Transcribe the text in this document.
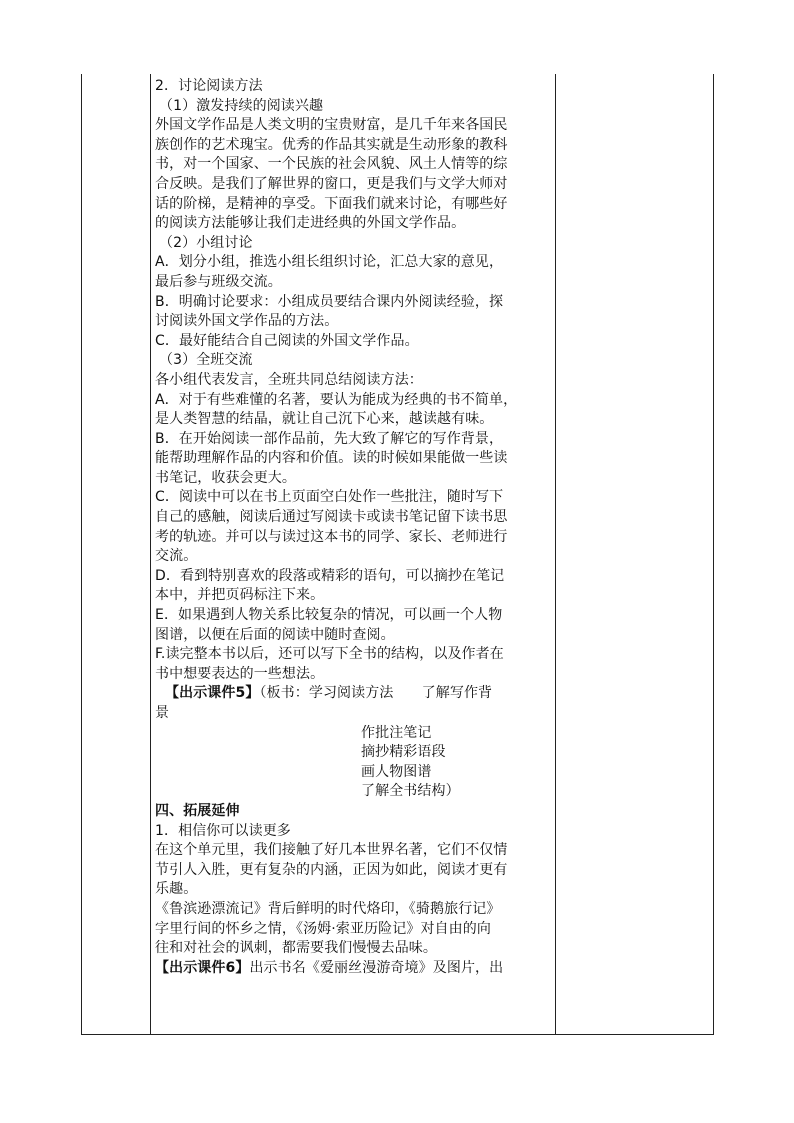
2．讨论阅读方法
（1）激发持续的阅读兴趣
外国文学作品是人类文明的宝贵财富，是几千年来各国民
族创作的艺术瑰宝。优秀的作品其实就是生动形象的教科
书，对一个国家、一个民族的社会风貌、风土人情等的综
合反映。是我们了解世界的窗口，更是我们与文学大师对
话的阶梯，是精神的享受。下面我们就来讨论，有哪些好
的阅读方法能够让我们走进经典的外国文学作品。
（2）小组讨论
A．划分小组，推选小组长组织讨论，汇总大家的意见，
最后参与班级交流。
B．明确讨论要求：小组成员要结合课内外阅读经验，探
讨阅读外国文学作品的方法。
C．最好能结合自己阅读的外国文学作品。
（3）全班交流
各小组代表发言，全班共同总结阅读方法：
A．对于有些难懂的名著，要认为能成为经典的书不简单，
是人类智慧的结晶，就让自己沉下心来，越读越有味。
B．在开始阅读一部作品前，先大致了解它的写作背景，
能帮助理解作品的内容和价值。读的时候如果能做一些读
书笔记，收获会更大。
C．阅读中可以在书上页面空白处作一些批注，随时写下
自己的感触，阅读后通过写阅读卡或读书笔记留下读书思
考的轨迹。并可以与读过这本书的同学、家长、老师进行
交流。
D．看到特别喜欢的段落或精彩的语句，可以摘抄在笔记
本中，并把页码标注下来。
E．如果遇到人物关系比较复杂的情况，可以画一个人物
图谱，以便在后面的阅读中随时查阅。
F.读完整本书以后，还可以写下全书的结构，以及作者在
书中想要表达的一些想法。
【出示课件5】（板书：学习阅读方法　　了解写作背
景
作批注笔记
摘抄精彩语段
画人物图谱
了解全书结构）
四、拓展延伸
1．相信你可以读更多
在这个单元里，我们接触了好几本世界名著，它们不仅情
节引人入胜，更有复杂的内涵，正因为如此，阅读才更有
乐趣。
《鲁滨逊漂流记》背后鲜明的时代烙印，《骑鹅旅行记》
字里行间的怀乡之情，《汤姆·索亚历险记》对自由的向
往和对社会的讽刺，都需要我们慢慢去品味。
【出示课件6】出示书名《爱丽丝漫游奇境》及图片，出
